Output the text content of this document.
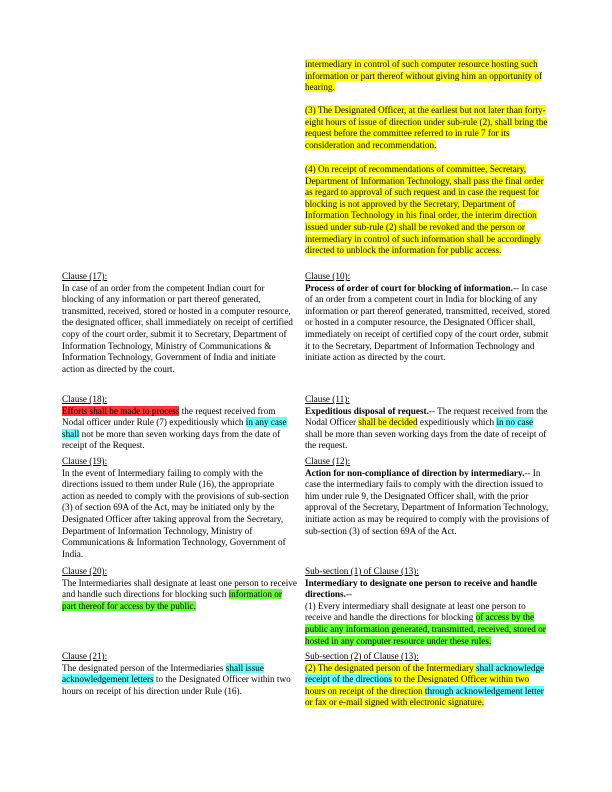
intermediary in control of such computer resource hosting such information or part thereof without giving him an opportunity of hearing.

(3) The Designated Officer, at the earliest but not later than forty-eight hours of issue of direction under sub-rule (2), shall bring the request before the committee referred to in rule 7 for its consideration and recommendation.

(4) On receipt of recommendations of committee, Secretary, Department of Information Technology, shall pass the final order as regard to approval of such request and in case the request for blocking is not approved by the Secretary, Department of Information Technology in his final order, the interim direction issued under sub-rule (2) shall be revoked and the person or intermediary in control of such information shall be accordingly directed to unblock the information for public access.

Clause (17):

In case of an order from the competent Indian court for blocking of any information or part thereof generated, transmitted, received, stored or hosted in a computer resource, the designated officer, shall immediately on receipt of certified copy of the court order, submit it to Secretary, Department of Information Technology, Ministry of Communications & Information Technology, Government of India and initiate action as directed by the court.

Clause (18):

Efforts shall be made to process the request received from Nodal officer under Rule (7) expeditiously which in any case shall not be more than seven working days from the date of receipt of the Request.

Clause (19):

In the event of Intermediary failing to comply with the directions issued to them under Rule (16), the appropriate action as needed to comply with the provisions of sub-section (3) of section 69A of the Act, may be initiated only by the Designated Officer after taking approval from the Secretary, Department of Information Technology, Ministry of Communications & Information Technology, Government of India.

Clause (20):

The Intermediaries shall designate at least one person to receive and handle such directions for blocking such information or part thereof for access by the public.

Clause (21):

The designated person of the Intermediaries shall issue acknowledgement letters to the Designated Officer within two hours on receipt of his direction under Rule (16).

Clause (10):

Process of order of court for blocking of information.-- In case of an order from a competent court in India for blocking of any information or part thereof generated, transmitted, received, stored or hosted in a computer resource, the Designated Officer shall, immediately on receipt of certified copy of the court order, submit it to the Secretary, Department of Information Technology and initiate action as directed by the court.

Clause (11):

Expeditious disposal of request.-- The request received from the Nodal Officer shall be decided expeditiously which in no case shall be more than seven working days from the date of receipt of the request.

Clause (12):

Action for non-compliance of direction by intermediary.-- In case the intermediary fails to comply with the direction issued to him under rule 9, the Designated Officer shall, with the prior approval of the Secretary, Department of Information Technology, initiate action as may be required to comply with the provisions of sub-section (3) of section 69A of the Act.

Sub-section (1) of Clause (13):

Intermediary to designate one person to receive and handle directions.--

(1) Every intermediary shall designate at least one person to receive and handle the directions for blocking of access by the public any information generated, transmitted, received, stored or hosted in any computer resource under these rules.

Sub-section (2) of Clause (13):

(2) The designated person of the Intermediary shall acknowledge receipt of the directions to the Designated Officer within two hours on receipt of the direction through acknowledgement letter or fax or e-mail signed with electronic signature.
